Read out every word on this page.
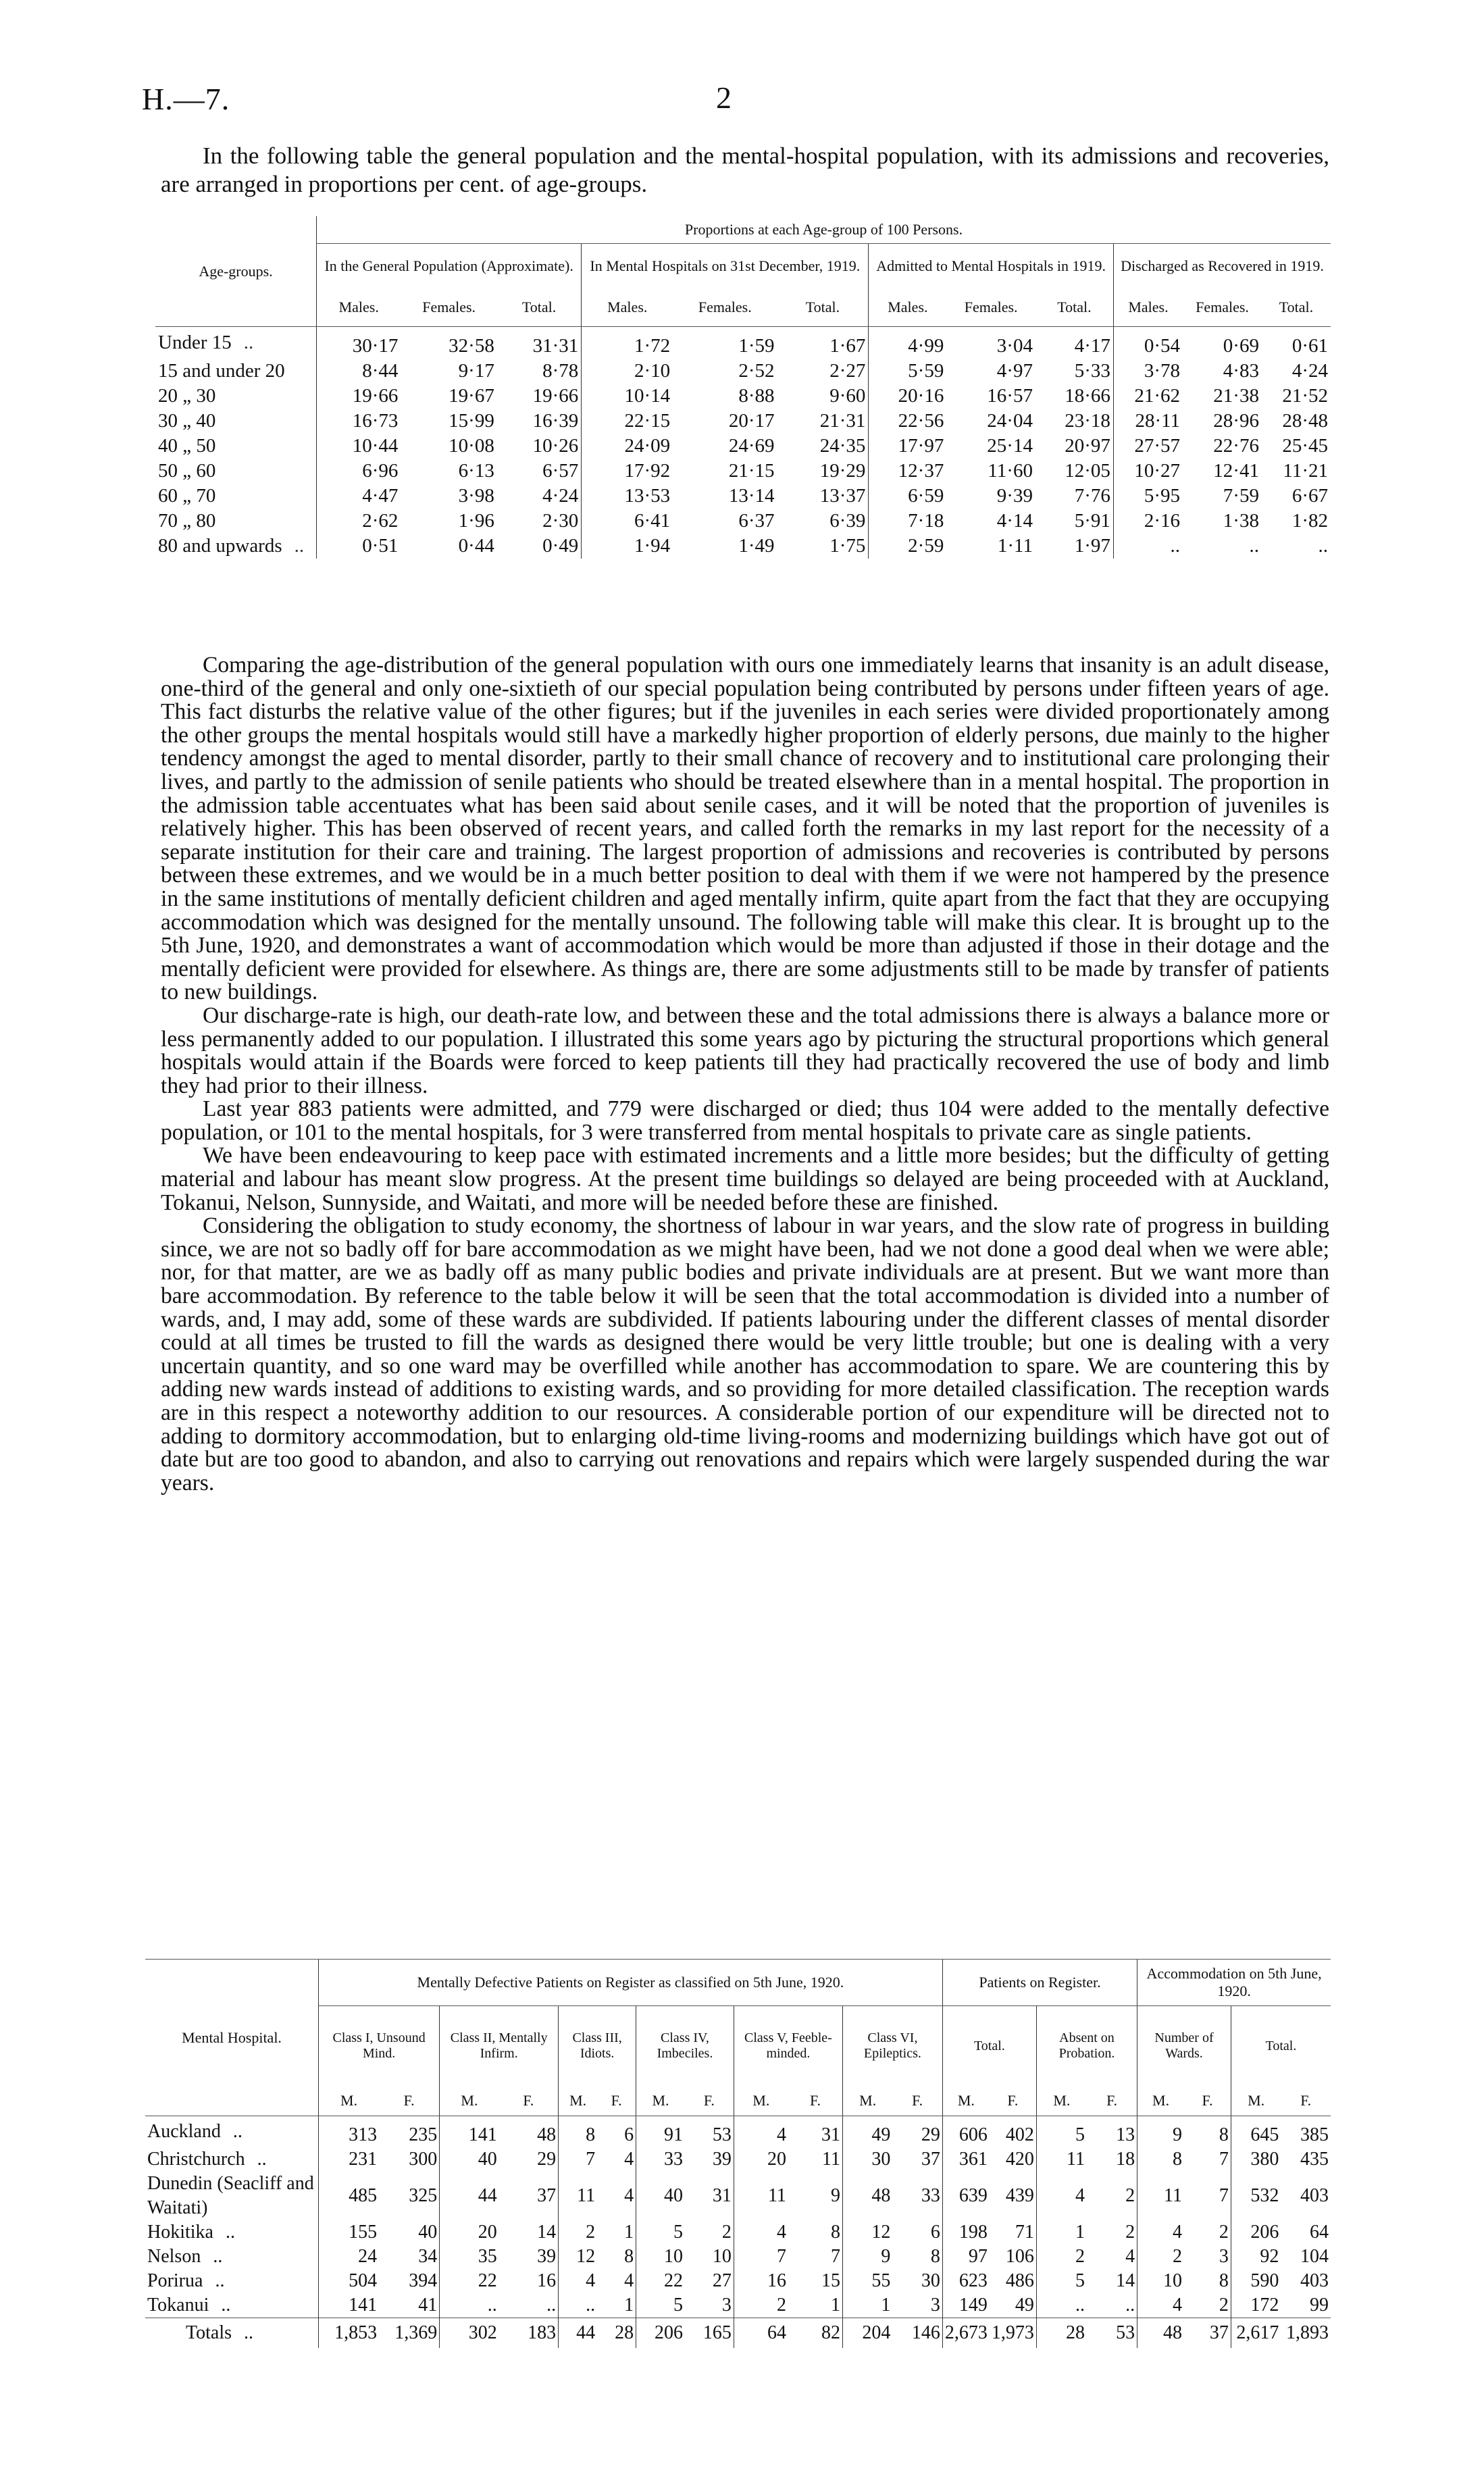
H.—7.	2
In the following table the general population and the mental-hospital population, with its admissions and recoveries, are arranged in proportions per cent. of age-groups.
Age-groups.	Proportions at each Age-group of 100 Persons.											
	In the General Population (Approximate).			In Mental Hospitals on 31st December, 1919.			Admitted to Mental Hospitals in 1919.			Discharged as Recovered in 1919.		
	Males.	Females.	Total.	Males.	Females.	Total.	Males.	Females.	Total.	Males.	Females.	Total.
Under 15 ..	30·17	32·58	31·31	1·72	1·59	1·67	4·99	3·04	4·17	0·54	0·69	0·61
15 and under 20	8·44	9·17	8·78	2·10	2·52	2·27	5·59	4·97	5·33	3·78	4·83	4·24
20 „ 30	19·66	19·67	19·66	10·14	8·88	9·60	20·16	16·57	18·66	21·62	21·38	21·52
30 „ 40	16·73	15·99	16·39	22·15	20·17	21·31	22·56	24·04	23·18	28·11	28·96	28·48
40 „ 50	10·44	10·08	10·26	24·09	24·69	24·35	17·97	25·14	20·97	27·57	22·76	25·45
50 „ 60	6·96	6·13	6·57	17·92	21·15	19·29	12·37	11·60	12·05	10·27	12·41	11·21
60 „ 70	4·47	3·98	4·24	13·53	13·14	13·37	6·59	9·39	7·76	5·95	7·59	6·67
70 „ 80	2·62	1·96	2·30	6·41	6·37	6·39	7·18	4·14	5·91	2·16	1·38	1·82
80 and upwards ..	0·51	0·44	0·49	1·94	1·49	1·75	2·59	1·11	1·97	..	..	..

Comparing the age-distribution of the general population with ours one immediately learns that insanity is an adult disease, one-third of the general and only one-sixtieth of our special population being contributed by persons under fifteen years of age. This fact disturbs the relative value of the other figures; but if the juveniles in each series were divided proportionately among the other groups the mental hospitals would still have a markedly higher proportion of elderly persons, due mainly to the higher tendency amongst the aged to mental disorder, partly to their small chance of recovery and to institutional care prolonging their lives, and partly to the admission of senile patients who should be treated elsewhere than in a mental hospital. The proportion in the admission table accentuates what has been said about senile cases, and it will be noted that the proportion of juveniles is relatively higher. This has been observed of recent years, and called forth the remarks in my last report for the necessity of a separate institution for their care and training. The largest proportion of admissions and recoveries is contributed by persons between these extremes, and we would be in a much better position to deal with them if we were not hampered by the presence in the same institutions of mentally deficient children and aged mentally infirm, quite apart from the fact that they are occupying accommodation which was designed for the mentally unsound. The following table will make this clear. It is brought up to the 5th June, 1920, and demonstrates a want of accommodation which would be more than adjusted if those in their dotage and the mentally deficient were provided for elsewhere. As things are, there are some adjustments still to be made by transfer of patients to new buildings.

Our discharge-rate is high, our death-rate low, and between these and the total admissions there is always a balance more or less permanently added to our population. I illustrated this some years ago by picturing the structural proportions which general hospitals would attain if the Boards were forced to keep patients till they had practically recovered the use of body and limb they had prior to their illness.

Last year 883 patients were admitted, and 779 were discharged or died; thus 104 were added to the mentally defective population, or 101 to the mental hospitals, for 3 were transferred from mental hospitals to private care as single patients.

We have been endeavouring to keep pace with estimated increments and a little more besides; but the difficulty of getting material and labour has meant slow progress. At the present time buildings so delayed are being proceeded with at Auckland, Tokanui, Nelson, Sunnyside, and Waitati, and more will be needed before these are finished.

Considering the obligation to study economy, the shortness of labour in war years, and the slow rate of progress in building since, we are not so badly off for bare accommodation as we might have been, had we not done a good deal when we were able; nor, for that matter, are we as badly off as many public bodies and private individuals are at present. But we want more than bare accommodation. By reference to the table below it will be seen that the total accommodation is divided into a number of wards, and, I may add, some of these wards are subdivided. If patients labouring under the different classes of mental disorder could at all times be trusted to fill the wards as designed there would be very little trouble; but one is dealing with a very uncertain quantity, and so one ward may be overfilled while another has accommodation to spare. We are countering this by adding new wards instead of additions to existing wards, and so providing for more detailed classification. The reception wards are in this respect a noteworthy addition to our resources. A considerable portion of our expenditure will be directed not to adding to dormitory accommodation, but to enlarging old-time living-rooms and modernizing buildings which have got out of date but are too good to abandon, and also to carrying out renovations and repairs which were largely suspended during the war years.

Mental Hospital.	Mentally Defective Patients on Register as classified on 5th June, 1920.												Patients on Register.				Accommodation on 5th June, 1920.			
	Class I, Unsound Mind.		Class II, Mentally Infirm.		Class III, Idiots.		Class IV, Imbeciles.		Class V, Feeble-minded.		Class VI, Epileptics.		Total.		Absent on Probation.		Number of Wards.		Total.	
	M.	F.	M.	F.	M.	F.	M.	F.	M.	F.	M.	F.	M.	F.	M.	F.	M.	F.	M.	F.
Auckland ..	313	235	141	48	8	6	91	53	4	31	49	29	606	402	5	13	9	8	645	385
Christchurch ..	231	300	40	29	7	4	33	39	20	11	30	37	361	420	11	18	8	7	380	435
Dunedin (Seacliff and Waitati)	485	325	44	37	11	4	40	31	11	9	48	33	639	439	4	2	11	7	532	403
Hokitika ..	155	40	20	14	2	1	5	2	4	8	12	6	198	71	1	2	4	2	206	64
Nelson ..	24	34	35	39	12	8	10	10	7	7	9	8	97	106	2	4	2	3	92	104
Porirua ..	504	394	22	16	4	4	22	27	16	15	55	30	623	486	5	14	10	8	590	403
Tokanui ..	141	41	..	..	..	1	5	3	2	1	1	3	149	49	..	..	4	2	172	99
Totals ..	1,853	1,369	302	183	44	28	206	165	64	82	204	146	2,673	1,973	28	53	48	37	2,617	1,893
